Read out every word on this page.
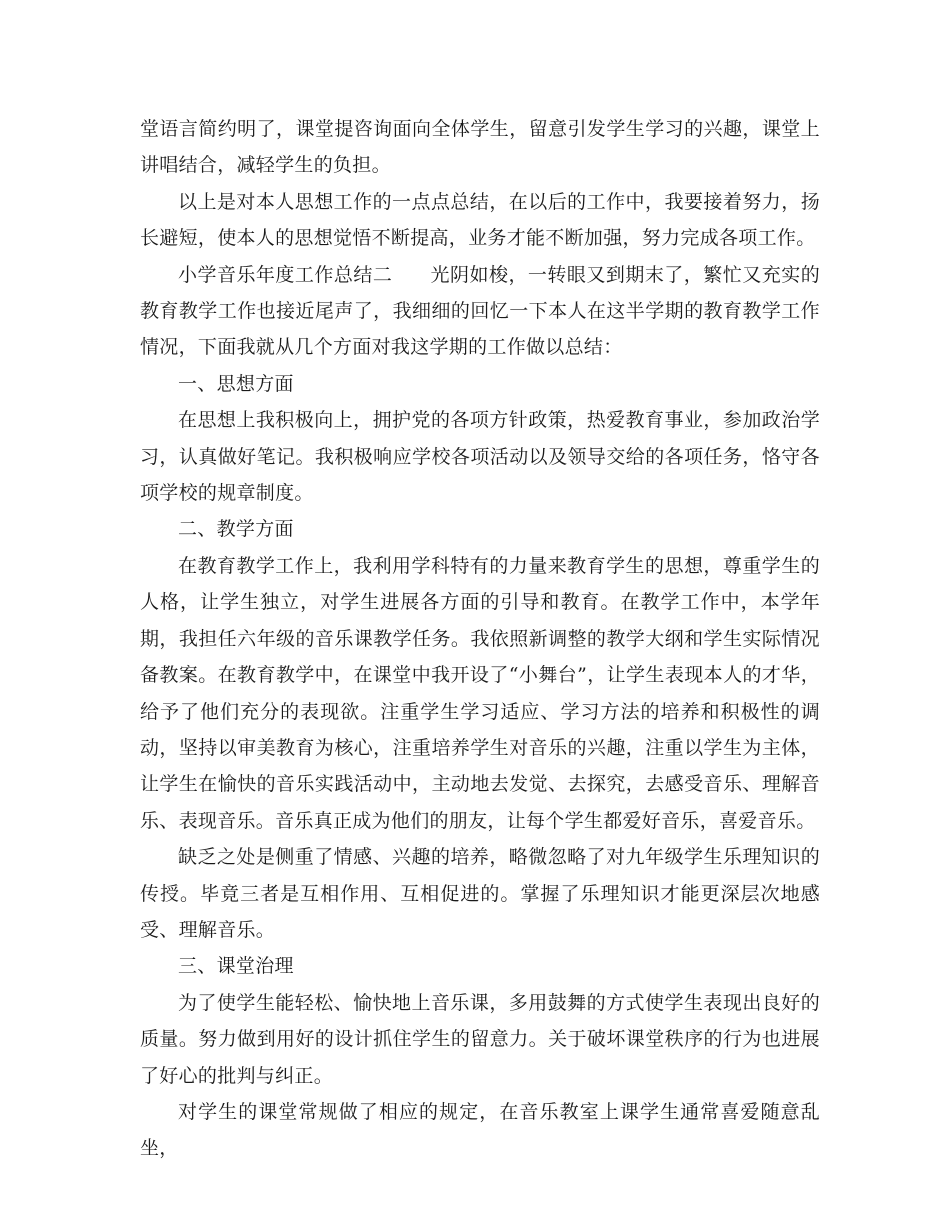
堂语言简约明了，课堂提咨询面向全体学生，留意引发学生学习的兴趣，课堂上讲唱结合，减轻学生的负担。

以上是对本人思想工作的一点点总结，在以后的工作中，我要接着努力，扬长避短，使本人的思想觉悟不断提高，业务才能不断加强，努力完成各项工作。

小学音乐年度工作总结二 光阴如梭，一转眼又到期末了，繁忙又充实的教育教学工作也接近尾声了，我细细的回忆一下本人在这半学期的教育教学工作情况，下面我就从几个方面对我这学期的工作做以总结：

一、思想方面

在思想上我积极向上，拥护党的各项方针政策，热爱教育事业，参加政治学习，认真做好笔记。我积极响应学校各项活动以及领导交给的各项任务，恪守各项学校的规章制度。

二、教学方面

在教育教学工作上，我利用学科特有的力量来教育学生的思想，尊重学生的人格，让学生独立，对学生进展各方面的引导和教育。在教学工作中，本学年期，我担任六年级的音乐课教学任务。我依照新调整的教学大纲和学生实际情况备教案。在教育教学中，在课堂中我开设了“小舞台”，让学生表现本人的才华，给予了他们充分的表现欲。注重学生学习适应、学习方法的培养和积极性的调动，坚持以审美教育为核心，注重培养学生对音乐的兴趣，注重以学生为主体，让学生在愉快的音乐实践活动中，主动地去发觉、去探究，去感受音乐、理解音乐、表现音乐。音乐真正成为他们的朋友，让每个学生都爱好音乐，喜爱音乐。

缺乏之处是侧重了情感、兴趣的培养，略微忽略了对九年级学生乐理知识的传授。毕竟三者是互相作用、互相促进的。掌握了乐理知识才能更深层次地感受、理解音乐。

三、课堂治理

为了使学生能轻松、愉快地上音乐课，多用鼓舞的方式使学生表现出良好的质量。努力做到用好的设计抓住学生的留意力。关于破坏课堂秩序的行为也进展了好心的批判与纠正。

对学生的课堂常规做了相应的规定，在音乐教室上课学生通常喜爱随意乱坐，
